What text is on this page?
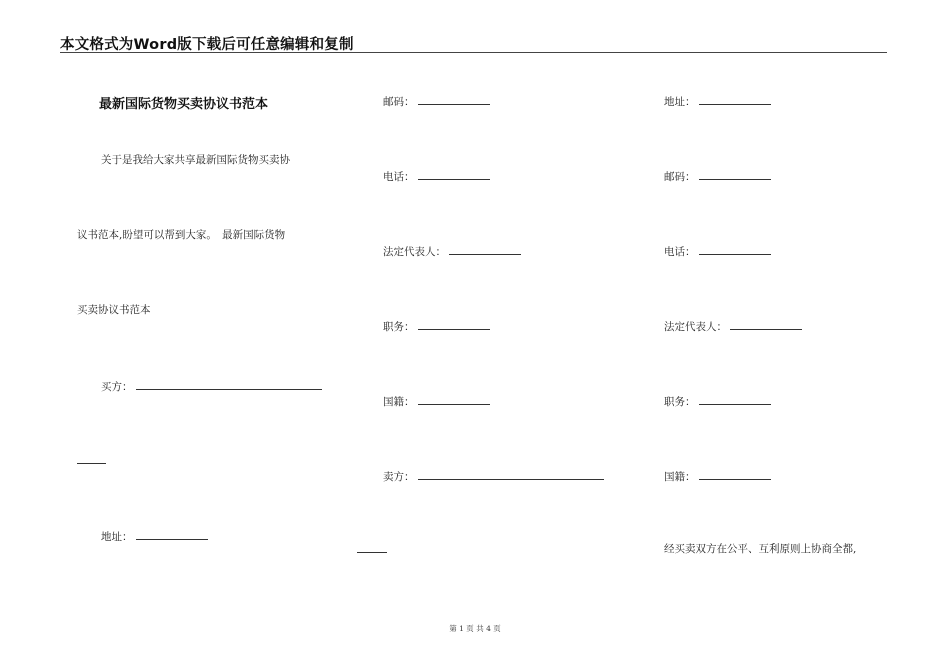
本文格式为Word版下载后可任意编辑和复制
最新国际货物买卖协议书范本
关于是我给大家共享最新国际货物买卖协
议书范本,盼望可以帮到大家。　最新国际货物
买卖协议书范本
买方：
地址：
邮码：
电话：
法定代表人：
职务：
国籍：
卖方：
地址：
邮码：
电话：
法定代表人：
职务：
国籍：
经买卖双方在公平、互利原则上协商全都,
第 1 页 共 4 页
